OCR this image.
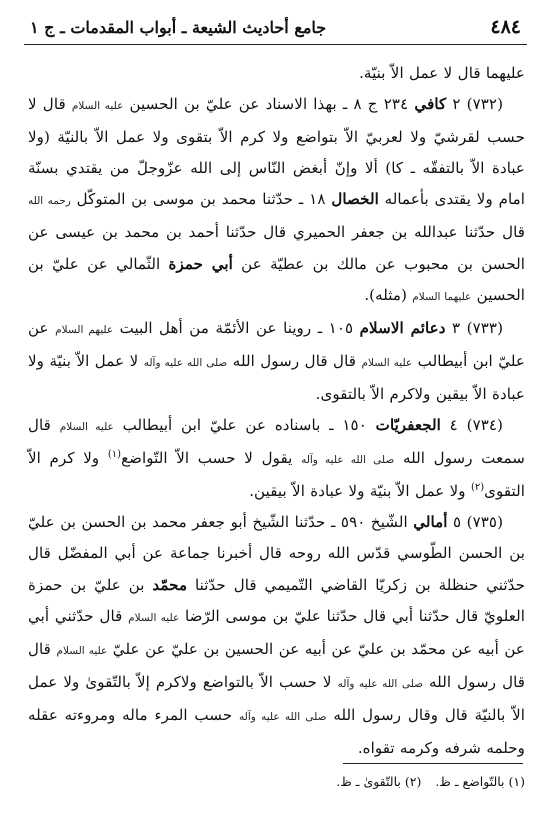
٤٨٤
جامع أحاديث الشيعة ـ أبواب المقدمات ـ ج ١

عليهما قال لا عمل الاّ بنيّة.

(٧٣٢) ٢ كافي ٢٣٤ ج ٨ ـ بهذا الاسناد عن عليّ بن الحسين عليه السلام قال لا حسب لقرشيّ ولا لعربيّ الاّ بتواضع ولا كرم الاّ بتقوى ولا عمل الاّ بالنيّة (ولا عبادة الاّ بالتفقّه ـ كا) ألا وإنّ أبغض النّاس إلى الله عزّوجلّ من يقتدي بسنّة امام ولا يقتدى بأعماله الخصال ١٨ ـ حدّثنا محمد بن موسى بن المتوكّل رحمه الله قال حدّثنا عبدالله بن جعفر الحميري قال حدّثنا أحمد بن محمد بن عيسى عن الحسن بن محبوب عن مالك بن عطيّة عن أبي حمزة الثّمالي عن عليّ بن الحسين عليهما السلام (مثله).

(٧٣٣) ٣ دعائم الاسلام ١٠٥ ـ روينا عن الأئمّة من أهل البيت عليهم السلام عن عليّ ابن أبيطالب عليه السلام قال قال رسول الله صلى الله عليه وآله لا عمل الاّ بنيّة ولا عبادة الاّ بيقين ولاكرم الاّ بالتقوى.

(٧٣٤) ٤ الجعفريّات ١٥٠ ـ باسناده عن عليّ ابن أبيطالب عليه السلام قال سمعت رسول الله صلى الله عليه وآله يقول لا حسب الاّ التّواضع$^{(١)}$ ولا كرم الاّ التقوى$^{(٢)}$ ولا عمل الاّ بنيّة ولا عبادة الاّ بيقين.

(٧٣٥) ٥ أمالي الشّيخ ٥٩٠ ـ حدّثنا الشّيخ أبو جعفر محمد بن الحسن بن عليّ بن الحسن الطّوسي قدّس الله روحه قال أخبرنا جماعة عن أبي المفضّل قال حدّثني حنظلة بن زكريّا القاضي التّميمي قال حدّثنا محمّد بن عليّ بن حمزة العلويّ قال حدّثنا أبي قال حدّثنا عليّ بن موسى الرّضا عليه السلام قال حدّثني أبي عن أبيه عن محمّد بن عليّ عن أبيه عن الحسين بن عليّ عن عليّ عليه السلام قال قال رسول الله صلى الله عليه وآله لا حسب الاّ بالتواضع ولاكرم إلاّ بالتّقوىٰ ولا عمل الاّ بالنيّة قال وقال رسول الله صلى الله عليه وآله حسب المرء ماله ومروءته عقله وحلمه شرفه وكرمه تقواه.

(١) بالتّواضع ـ ظ. (٢) بالتّقوىٰ ـ ظ.
